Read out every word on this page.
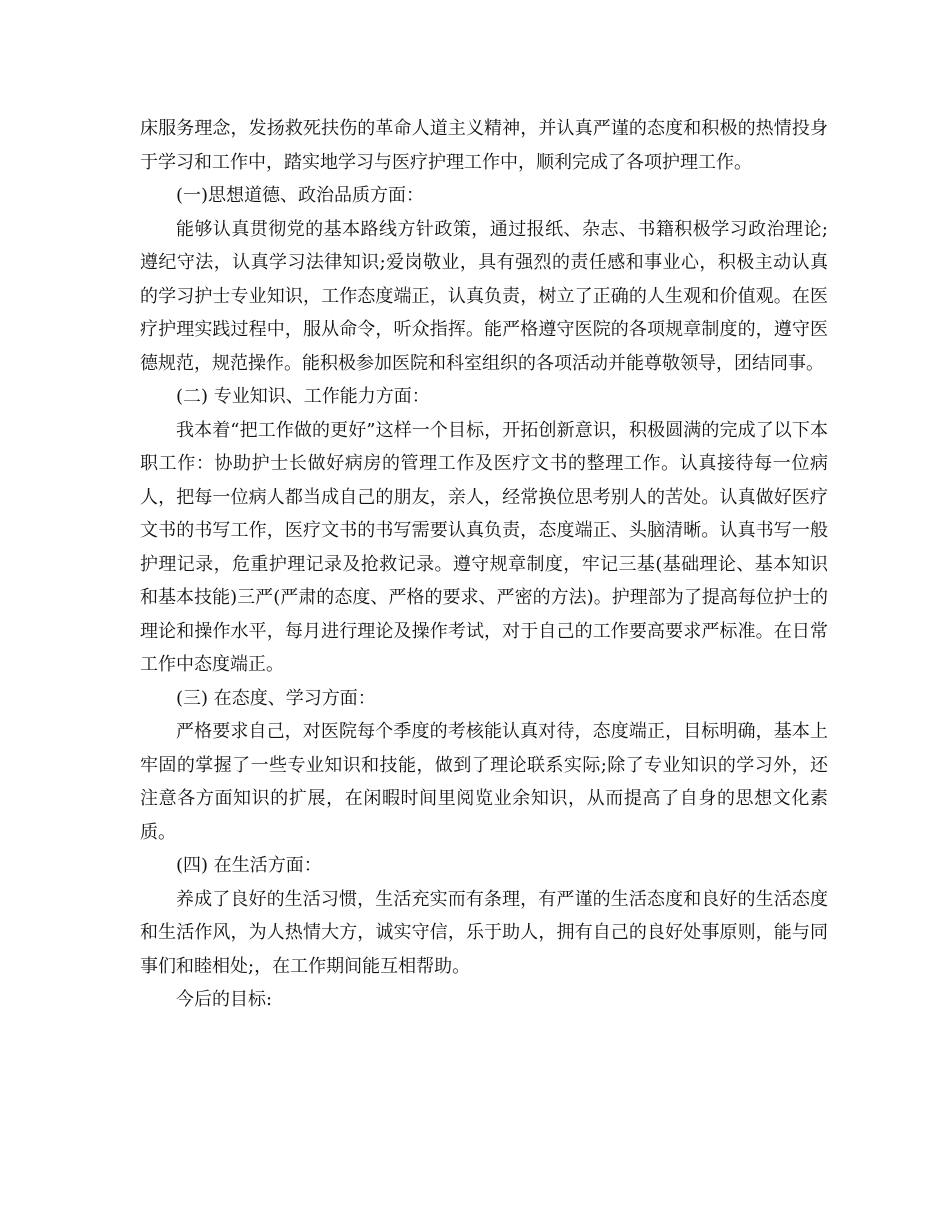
床服务理念，发扬救死扶伤的革命人道主义精神，并认真严谨的态度和积极的热情投身于学习和工作中，踏实地学习与医疗护理工作中，顺利完成了各项护理工作。

(一)思想道德、政治品质方面：

能够认真贯彻党的基本路线方针政策，通过报纸、杂志、书籍积极学习政治理论;遵纪守法，认真学习法律知识;爱岗敬业，具有强烈的责任感和事业心，积极主动认真的学习护士专业知识，工作态度端正，认真负责，树立了正确的人生观和价值观。在医疗护理实践过程中，服从命令，听众指挥。能严格遵守医院的各项规章制度的，遵守医德规范，规范操作。能积极参加医院和科室组织的各项活动并能尊敬领导，团结同事。

(二) 专业知识、工作能力方面：

我本着“把工作做的更好”这样一个目标，开拓创新意识，积极圆满的完成了以下本职工作：协助护士长做好病房的管理工作及医疗文书的整理工作。认真接待每一位病人，把每一位病人都当成自己的朋友，亲人，经常换位思考别人的苦处。认真做好医疗文书的书写工作，医疗文书的书写需要认真负责，态度端正、头脑清晰。认真书写一般护理记录，危重护理记录及抢救记录。遵守规章制度，牢记三基(基础理论、基本知识和基本技能)三严(严肃的态度、严格的要求、严密的方法)。护理部为了提高每位护士的理论和操作水平，每月进行理论及操作考试，对于自己的工作要高要求严标准。在日常工作中态度端正。

(三) 在态度、学习方面：

严格要求自己，对医院每个季度的考核能认真对待，态度端正，目标明确，基本上牢固的掌握了一些专业知识和技能，做到了理论联系实际;除了专业知识的学习外，还注意各方面知识的扩展，在闲暇时间里阅览业余知识，从而提高了自身的思想文化素质。

(四) 在生活方面：

养成了良好的生活习惯，生活充实而有条理，有严谨的生活态度和良好的生活态度和生活作风，为人热情大方，诚实守信，乐于助人，拥有自己的良好处事原则，能与同事们和睦相处;，在工作期间能互相帮助。

今后的目标:
